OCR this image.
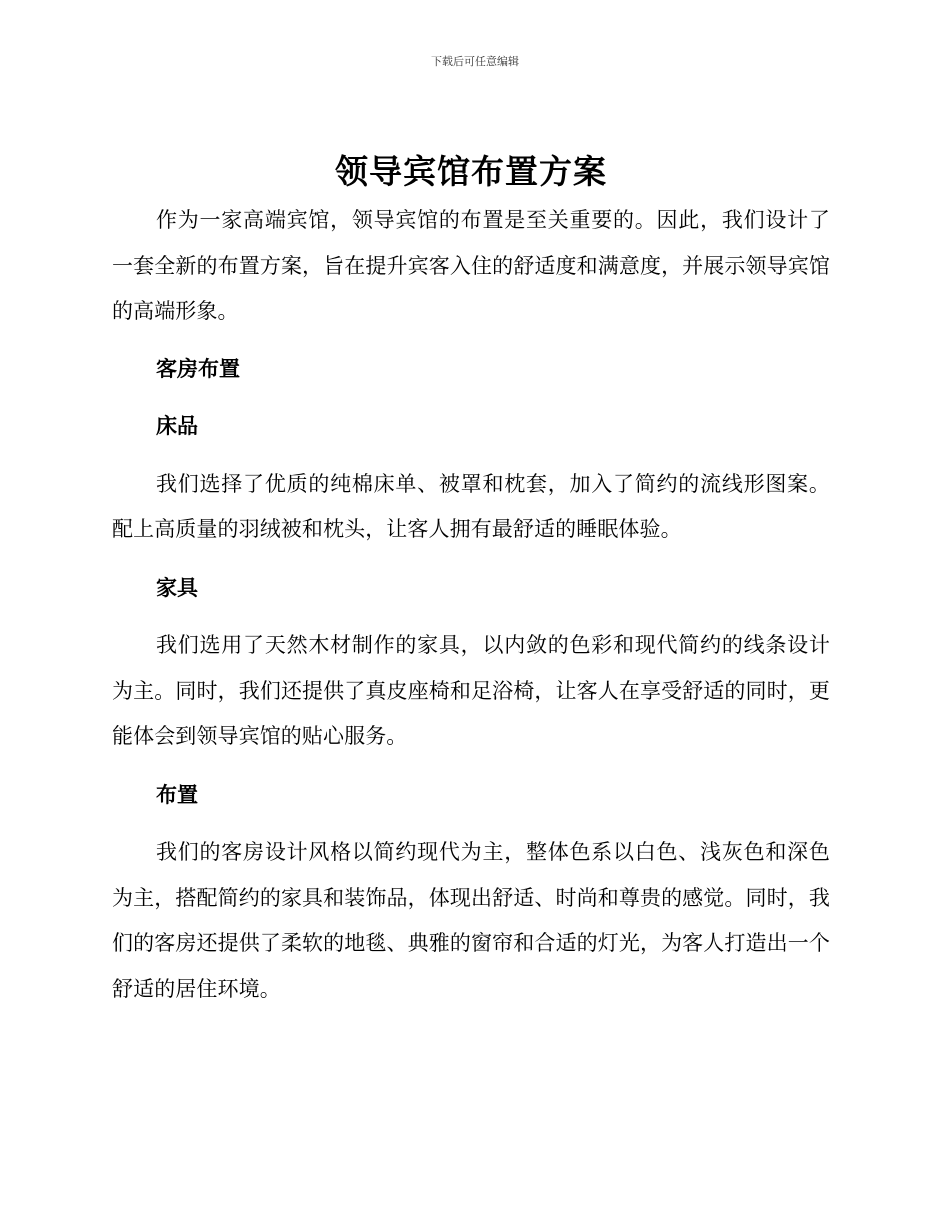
下载后可任意编辑
领导宾馆布置方案

作为一家高端宾馆，领导宾馆的布置是至关重要的。因此，我们设计了一套全新的布置方案，旨在提升宾客入住的舒适度和满意度，并展示领导宾馆的高端形象。

客房布置

床品

我们选择了优质的纯棉床单、被罩和枕套，加入了简约的流线形图案。配上高质量的羽绒被和枕头，让客人拥有最舒适的睡眠体验。

家具

我们选用了天然木材制作的家具，以内敛的色彩和现代简约的线条设计为主。同时，我们还提供了真皮座椅和足浴椅，让客人在享受舒适的同时，更能体会到领导宾馆的贴心服务。

布置

我们的客房设计风格以简约现代为主，整体色系以白色、浅灰色和深色为主，搭配简约的家具和装饰品，体现出舒适、时尚和尊贵的感觉。同时，我们的客房还提供了柔软的地毯、典雅的窗帘和合适的灯光，为客人打造出一个舒适的居住环境。
